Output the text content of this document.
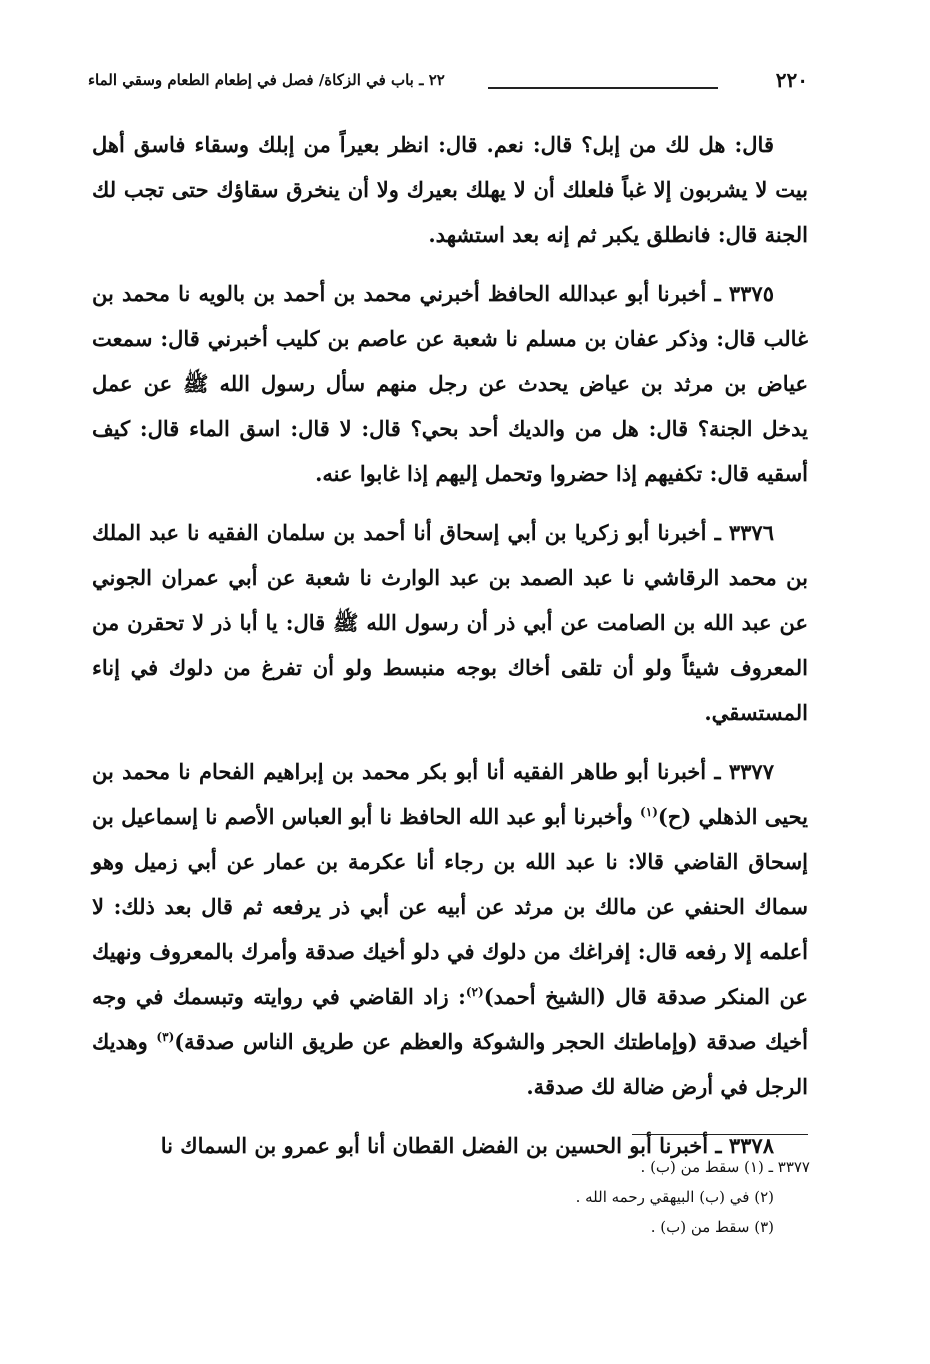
٢٢٠
٢٢ ـ باب في الزكاة/ فصل في إطعام الطعام وسقي الماء

قال: هل لك من إبل؟ قال: نعم. قال: انظر بعيراً من إبلك وسقاء فاسق أهل بيت لا يشربون إلا غباً فلعلك أن لا يهلك بعيرك ولا أن ينخرق سقاؤك حتى تجب لك الجنة قال: فانطلق يكبر ثم إنه بعد استشهد.

٣٣٧٥ ـ أخبرنا أبو عبدالله الحافظ أخبرني محمد بن أحمد بن بالويه نا محمد بن غالب قال: وذكر عفان بن مسلم نا شعبة عن عاصم بن كليب أخبرني قال: سمعت عياض بن مرثد بن عياض يحدث عن رجل منهم سأل رسول الله ﷺ عن عمل يدخل الجنة؟ قال: هل من والديك أحد بحي؟ قال: لا قال: اسق الماء قال: كيف أسقيه قال: تكفيهم إذا حضروا وتحمل إليهم إذا غابوا عنه.

٣٣٧٦ ـ أخبرنا أبو زكريا بن أبي إسحاق أنا أحمد بن سلمان الفقيه نا عبد الملك بن محمد الرقاشي نا عبد الصمد بن عبد الوارث نا شعبة عن أبي عمران الجوني عن عبد الله بن الصامت عن أبي ذر أن رسول الله ﷺ قال: يا أبا ذر لا تحقرن من المعروف شيئاً ولو أن تلقى أخاك بوجه منبسط ولو أن تفرغ من دلوك في إناء المستسقي.

٣٣٧٧ ـ أخبرنا أبو طاهر الفقيه أنا أبو بكر محمد بن إبراهيم الفحام نا محمد بن يحيى الذهلي (ح)$^{(١)}$ وأخبرنا أبو عبد الله الحافظ نا أبو العباس الأصم نا إسماعيل بن إسحاق القاضي قالا: نا عبد الله بن رجاء أنا عكرمة بن عمار عن أبي زميل وهو سماك الحنفي عن مالك بن مرثد عن أبيه عن أبي ذر يرفعه ثم قال بعد ذلك: لا أعلمه إلا رفعه قال: إفراغك من دلوك في دلو أخيك صدقة وأمرك بالمعروف ونهيك عن المنكر صدقة قال (الشيخ أحمد)$^{(٢)}$: زاد القاضي في روايته وتبسمك في وجه أخيك صدقة (وإماطتك الحجر والشوكة والعظم عن طريق الناس صدقة)$^{(٣)}$ وهديك الرجل في أرض ضالة لك صدقة.

٣٣٧٨ ـ أخبرنا أبو الحسين بن الفضل القطان أنا أبو عمرو بن السماك نا

٣٣٧٧ ـ (١) سقط من (ب) .
(٢) في (ب) البيهقي رحمه الله .
(٣) سقط من (ب) .
